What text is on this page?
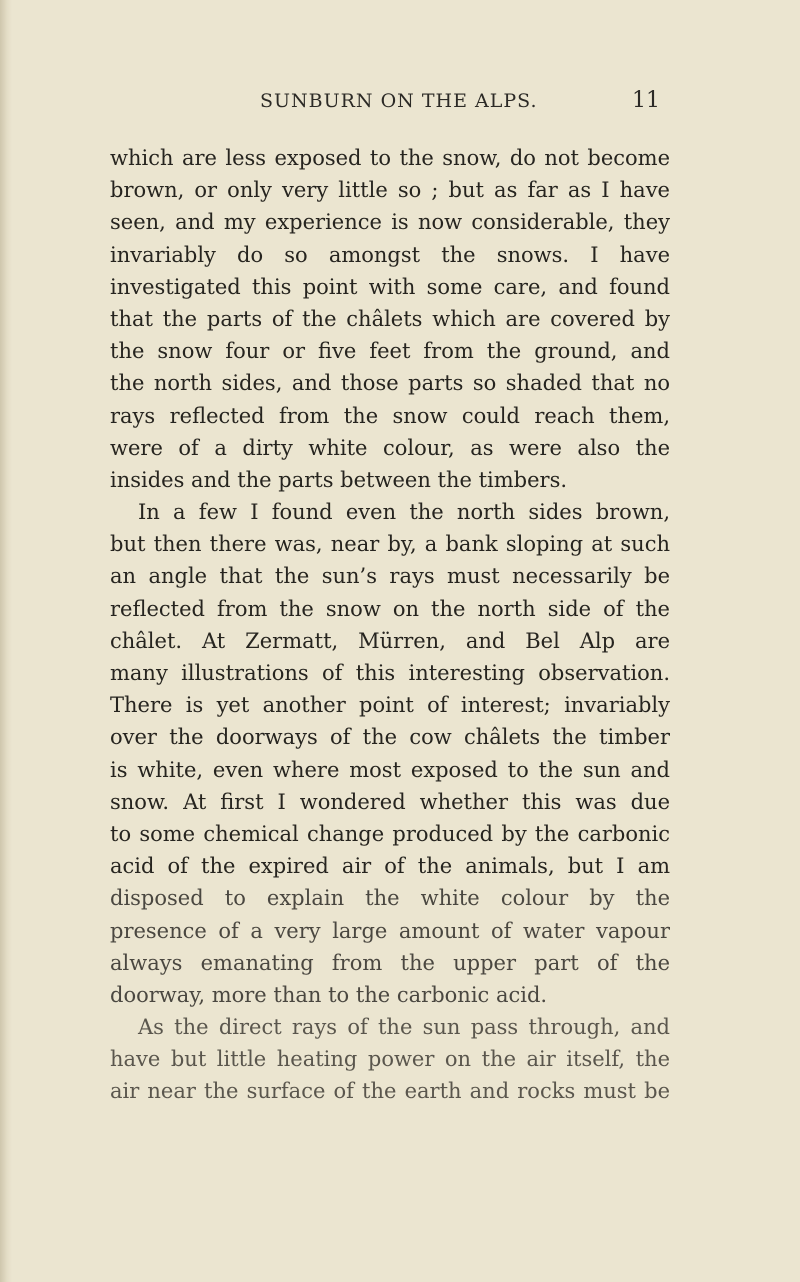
SUNBURN ON THE ALPS.	11
which are less exposed to the snow, do not become
brown, or only very little so ; but as far as I have
seen, and my experience is now considerable, they
invariably do so amongst the snows. I have
investigated this point with some care, and found
that the parts of the châlets which are covered by
the snow four or five feet from the ground, and
the north sides, and those parts so shaded that no
rays reflected from the snow could reach them,
were of a dirty white colour, as were also the
insides and the parts between the timbers.
In a few I found even the north sides brown,
but then there was, near by, a bank sloping at such
an angle that the sun’s rays must necessarily be
reflected from the snow on the north side of the
châlet. At Zermatt, Mürren, and Bel Alp are
many illustrations of this interesting observation.
There is yet another point of interest; invariably
over the doorways of the cow châlets the timber
is white, even where most exposed to the sun and
snow. At first I wondered whether this was due
to some chemical change produced by the carbonic
acid of the expired air of the animals, but I am
disposed to explain the white colour by the
presence of a very large amount of water vapour
always emanating from the upper part of the
doorway, more than to the carbonic acid.
As the direct rays of the sun pass through, and
have but little heating power on the air itself, the
air near the surface of the earth and rocks must be
